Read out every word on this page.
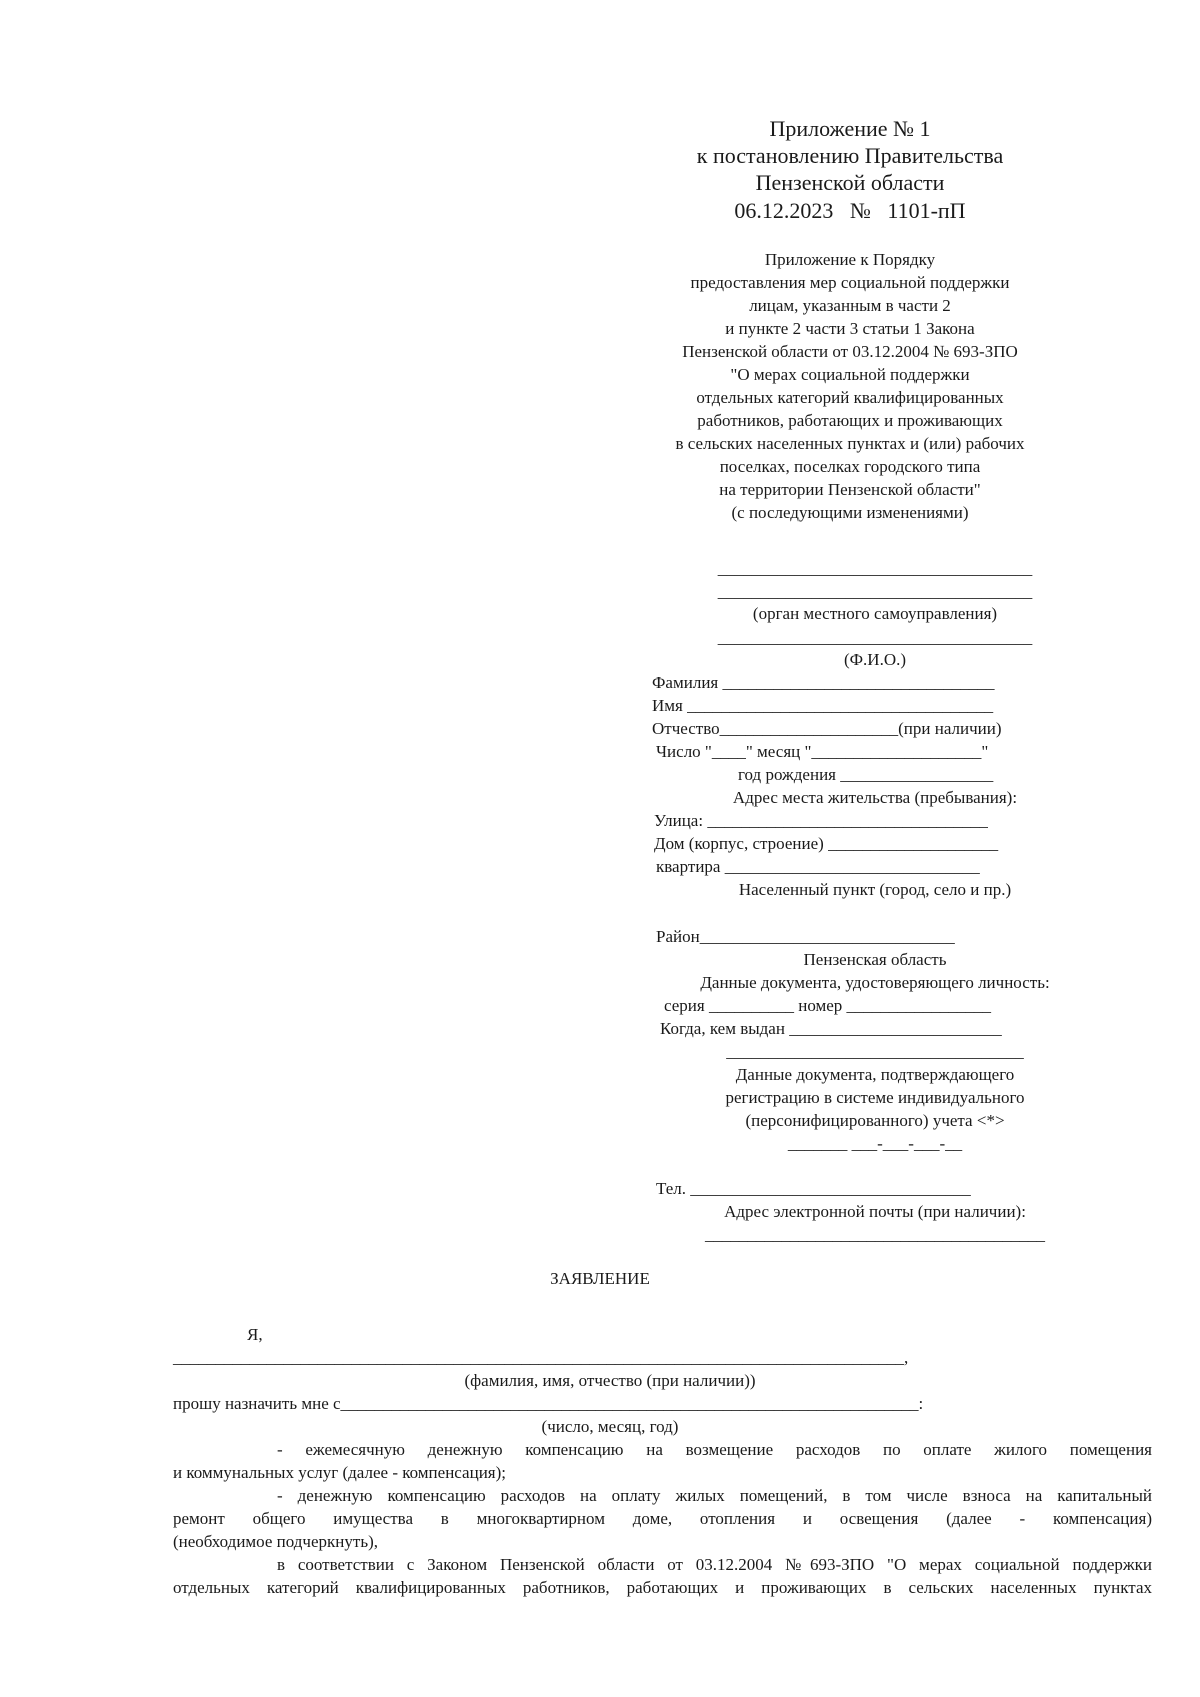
Приложение № 1
к постановлению Правительства
Пензенской области
06.12.2023   №   1101-пП
Приложение к Порядку
предоставления мер социальной поддержки
лицам, указанным в части 2
и пункте 2 части 3 статьи 1 Закона
Пензенской области от 03.12.2004 № 693-ЗПО
"О мерах социальной поддержки
отдельных категорий квалифицированных
работников, работающих и проживающих
в сельских населенных пунктах и (или) рабочих
поселках, поселках городского типа
на территории Пензенской области"
(с последующими изменениями)
_____________________________________
_____________________________________
(орган местного самоуправления)
_____________________________________
(Ф.И.О.)
Фамилия ________________________________
Имя ____________________________________
Отчество_____________________(при наличии)
Число "____" месяц "____________________"
год рождения __________________
Адрес места жительства (пребывания):
Улица: _________________________________
Дом (корпус, строение) ____________________
квартира ______________________________
Населенный пункт (город, село и пр.)
Район______________________________
Пензенская область
Данные документа, удостоверяющего личность:
серия __________ номер _________________
Когда, кем выдан _________________________
___________________________________
Данные документа, подтверждающего
регистрацию в системе индивидуального
(персонифицированного) учета <*>
_______ ___-___-___-__
Тел. _________________________________
Адрес электронной почты (при наличии):
________________________________________
ЗАЯВЛЕНИЕ
Я,
______________________________________________________________________________________,
(фамилия, имя, отчество (при наличии))
прошу назначить мне с____________________________________________________________________:
(число, месяц, год)
- ежемесячную денежную компенсацию на возмещение расходов по оплате жилого помещения
и коммунальных услуг (далее - компенсация);
- денежную компенсацию расходов на оплату жилых помещений, в том числе взноса на капитальный
ремонт общего имущества в многоквартирном доме, отопления и освещения (далее - компенсация)
(необходимое подчеркнуть),
в соответствии с Законом Пензенской области от 03.12.2004 №693-ЗПО "О мерах социальной поддержки
отдельных категорий квалифицированных работников, работающих и проживающих в сельских населенных пунктах
